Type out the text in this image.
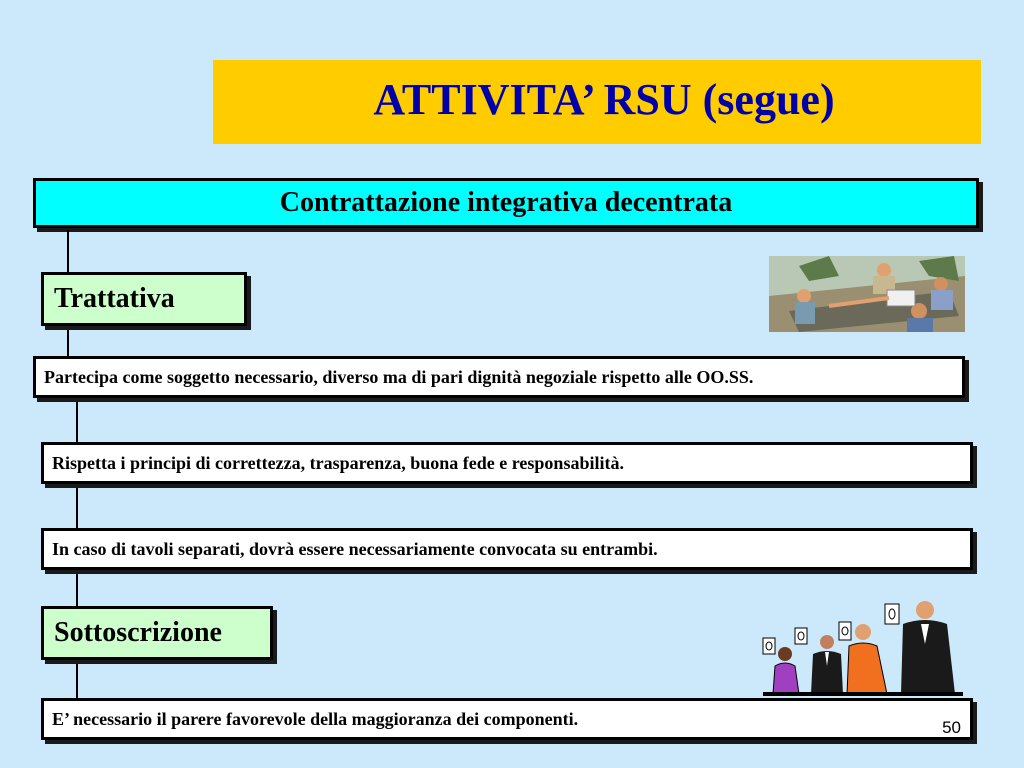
ATTIVITA’ RSU (segue)
Contrattazione integrativa decentrata
Trattativa
Partecipa come soggetto necessario, diverso ma di pari dignità negoziale rispetto alle OO.SS.
Rispetta i principi di correttezza, trasparenza, buona fede e responsabilità.
In caso di tavoli separati, dovrà essere necessariamente convocata su entrambi.
Sottoscrizione
E’ necessario il parere favorevole della maggioranza dei componenti.	50
